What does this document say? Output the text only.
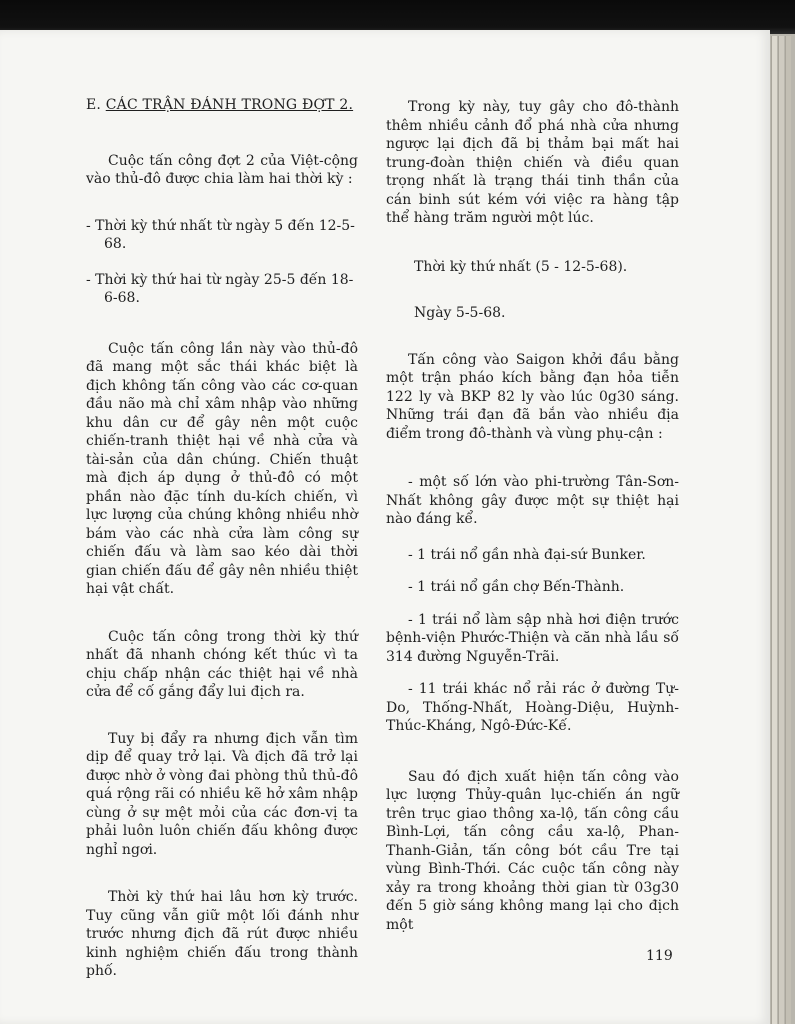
E. CÁC TRẬN ĐÁNH TRONG ĐỢT 2.

Cuộc tấn công đợt 2 của Việt-cộng vào thủ-đô được chia làm hai thời kỳ :

- Thời kỳ thứ nhất từ ngày 5 đến 12-5-68.

- Thời kỳ thứ hai từ ngày 25-5 đến 18-6-68.

Cuộc tấn công lần này vào thủ-đô đã mang một sắc thái khác biệt là địch không tấn công vào các cơ-quan đầu não mà chỉ xâm nhập vào những khu dân cư để gây nên một cuộc chiến-tranh thiệt hại về nhà cửa và tài-sản của dân chúng. Chiến thuật mà địch áp dụng ở thủ-đô có một phần nào đặc tính du-kích chiến, vì lực lượng của chúng không nhiều nhờ bám vào các nhà cửa làm công sự chiến đấu và làm sao kéo dài thời gian chiến đấu để gây nên nhiều thiệt hại vật chất.

Cuộc tấn công trong thời kỳ thứ nhất đã nhanh chóng kết thúc vì ta chịu chấp nhận các thiệt hại về nhà cửa để cố gắng đẩy lui địch ra.

Tuy bị đẩy ra nhưng địch vẫn tìm dịp để quay trở lại. Và địch đã trở lại được nhờ ở vòng đai phòng thủ thủ-đô quá rộng rãi có nhiều kẽ hở xâm nhập cùng ở sự mệt mỏi của các đơn-vị ta phải luôn luôn chiến đấu không được nghỉ ngơi.

Thời kỳ thứ hai lâu hơn kỳ trước. Tuy cũng vẫn giữ một lối đánh như trước nhưng địch đã rút được nhiều kinh nghiệm chiến đấu trong thành phố.

Trong kỳ này, tuy gây cho đô-thành thêm nhiều cảnh đổ phá nhà cửa nhưng ngược lại địch đã bị thảm bại mất hai trung-đoàn thiện chiến và điều quan trọng nhất là trạng thái tinh thần của cán binh sút kém với việc ra hàng tập thể hàng trăm người một lúc.

Thời kỳ thứ nhất (5 - 12-5-68).

Ngày 5-5-68.

Tấn công vào Saigon khởi đầu bằng một trận pháo kích bằng đạn hỏa tiễn 122 ly và BKP 82 ly vào lúc 0g30 sáng. Những trái đạn đã bắn vào nhiều địa điểm trong đô-thành và vùng phụ-cận :

- một số lớn vào phi-trường Tân-Sơn-Nhất không gây được một sự thiệt hại nào đáng kể.

- 1 trái nổ gần nhà đại-sứ Bunker.

- 1 trái nổ gần chợ Bến-Thành.

- 1 trái nổ làm sập nhà hơi điện trước bệnh-viện Phước-Thiện và căn nhà lầu số 314 đường Nguyễn-Trãi.

- 11 trái khác nổ rải rác ở đường Tự-Do, Thống-Nhất, Hoàng-Diệu, Huỳnh-Thúc-Kháng, Ngô-Đức-Kế.

Sau đó địch xuất hiện tấn công vào lực lượng Thủy-quân lục-chiến án ngữ trên trục giao thông xa-lộ, tấn công cầu Bình-Lợi, tấn công cầu xa-lộ, Phan-Thanh-Giản, tấn công bót cầu Tre tại vùng Bình-Thới. Các cuộc tấn công này xảy ra trong khoảng thời gian từ 03g30 đến 5 giờ sáng không mang lại cho địch một

119
